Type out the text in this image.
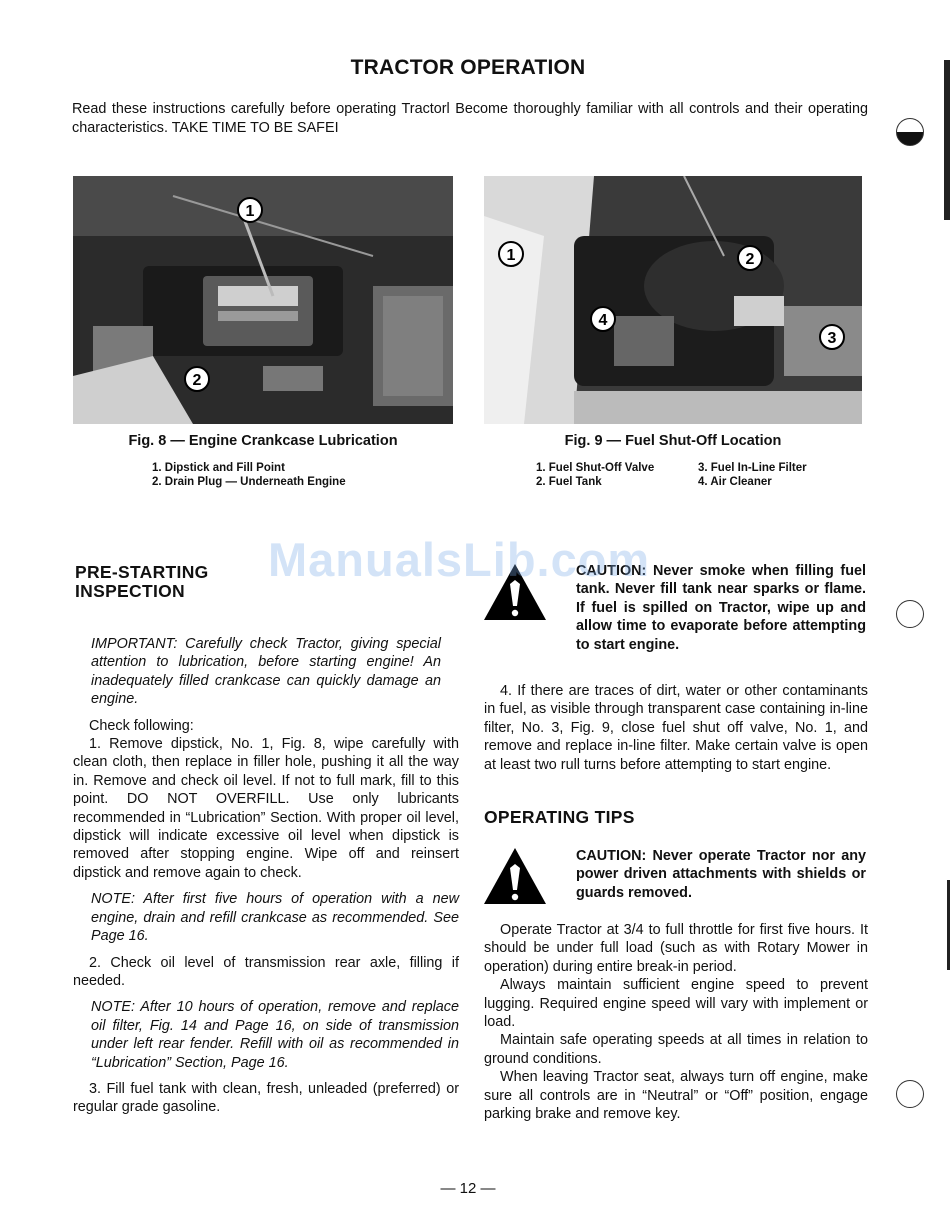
TRACTOR OPERATION
Read these instructions carefully before operating Tractorl Become thoroughly familiar with all controls and their operating characteristics. TAKE TIME TO BE SAFEI
1
2
1	2
3
4
Fig. 8 — Engine Crankcase Lubrication	Fig. 9 — Fuel Shut-Off Location
1. Dipstick and Fill Point
2. Drain Plug — Underneath Engine
1. Fuel Shut-Off Valve
2. Fuel Tank
3. Fuel In-Line Filter
4. Air Cleaner
PRE-STARTING
INSPECTION

IMPORTANT: Carefully check Tractor, giving special attention to lubrication, before starting engine! An inadequately filled crankcase can quickly damage an engine.

Check following:

1. Remove dipstick, No. 1, Fig. 8, wipe carefully with clean cloth, then replace in filler hole, pushing it all the way in. Remove and check oil level. If not to full mark, fill to this point. DO NOT OVERFILL. Use only lubricants recommended in “Lubrication” Section. With proper oil level, dipstick will indicate excessive oil level when dipstick is removed after stopping engine. Wipe off and reinsert dipstick and remove again to check.

NOTE: After first five hours of operation with a new engine, drain and refill crankcase as recommended. See Page 16.

2. Check oil level of transmission rear axle, filling if needed.

NOTE: After 10 hours of operation, remove and replace oil filter, Fig. 14 and Page 16, on side of transmission under left rear fender. Refill with oil as recommended in “Lubrication” Section, Page 16.

3. Fill fuel tank with clean, fresh, unleaded (preferred) or regular grade gasoline.

CAUTION: Never smoke when filling fuel tank. Never fill tank near sparks or flame. If fuel is spilled on Tractor, wipe up and allow time to evaporate before attempting to start engine.

4. If there are traces of dirt, water or other contaminants in fuel, as visible through transparent case containing in-line filter, No. 3, Fig. 9, close fuel shut off valve, No. 1, and remove and replace in-line filter. Make certain valve is open at least two rull turns before attempting to start engine.

OPERATING TIPS
CAUTION: Never operate Tractor nor any power driven attachments with shields or guards removed.

Operate Tractor at 3/4 to full throttle for first five hours. It should be under full load (such as with Rotary Mower in operation) during entire break-in period.

Always maintain sufficient engine speed to prevent lugging. Required engine speed will vary with implement or load.

Maintain safe operating speeds at all times in relation to ground conditions.

When leaving Tractor seat, always turn off engine, make sure all controls are in “Neutral” or “Off” position, engage parking brake and remove key.

ManualsLib.com
— 12 —
